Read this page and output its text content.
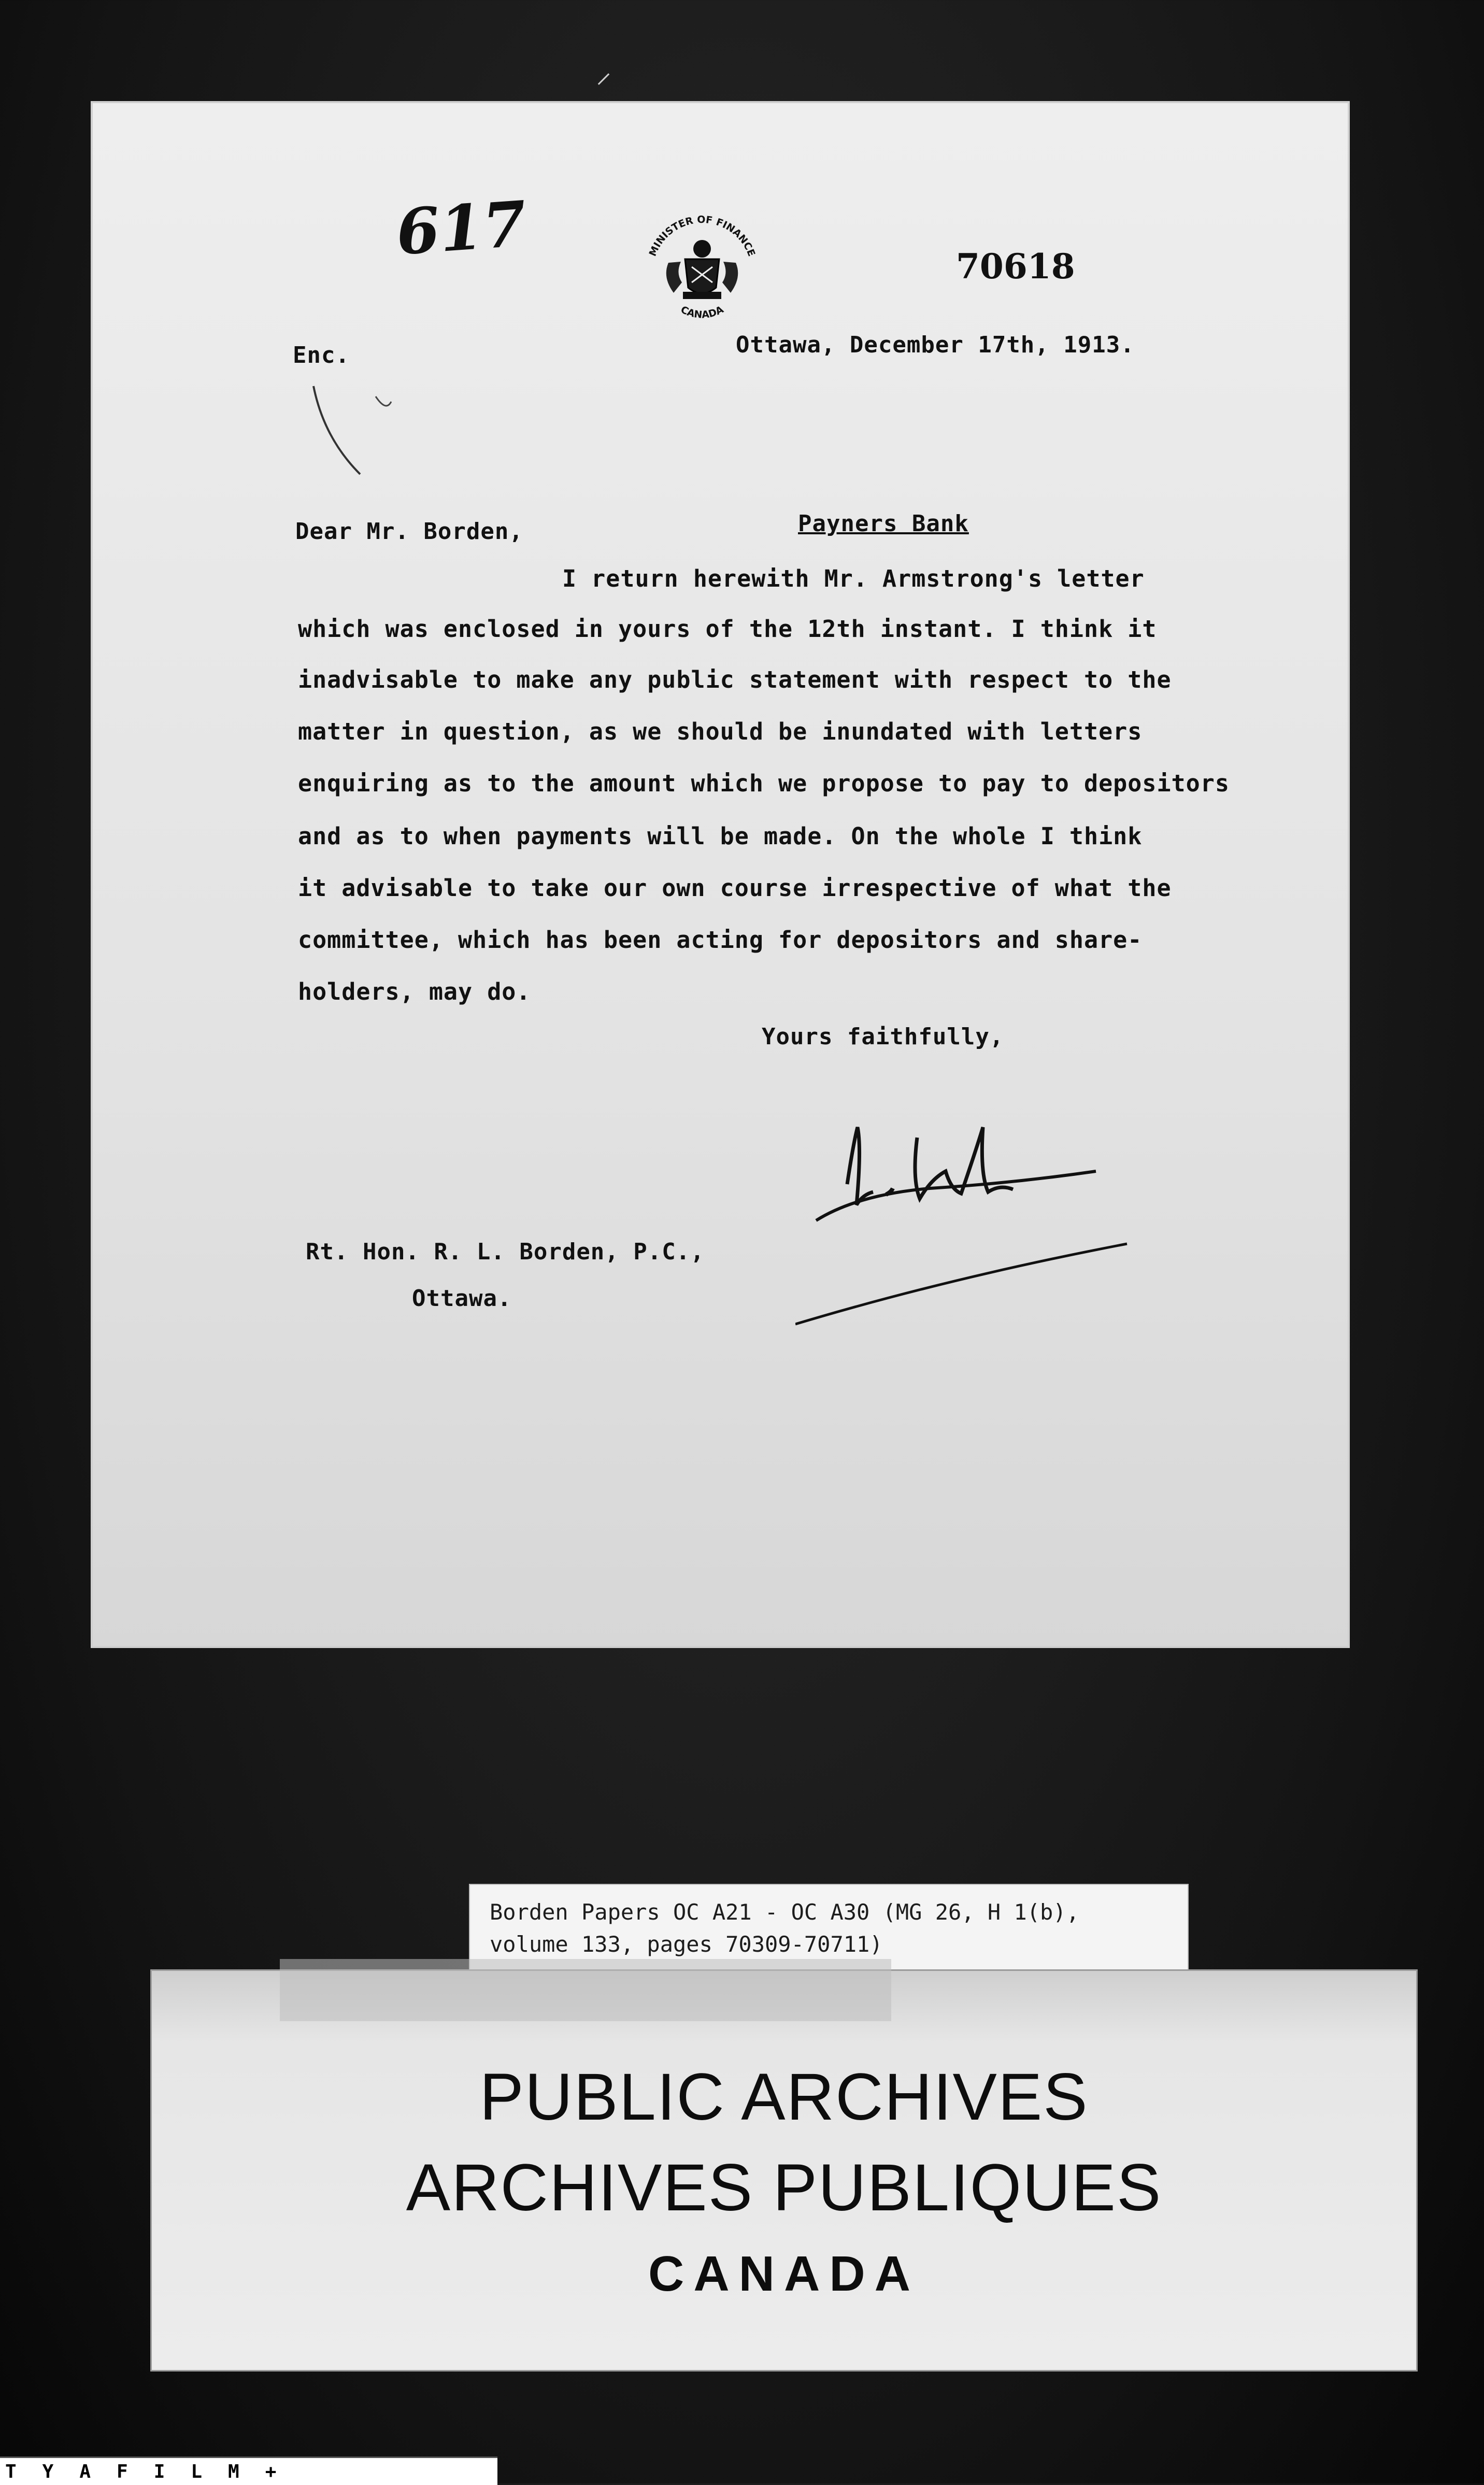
⸝
617	MINISTER OF FINANCE
CANADA
70618
Enc.	Ottawa, December 17th, 1913.
Dear Mr. Borden,	Payners Bank
I return herewith Mr. Armstrong's letter
which was enclosed in yours of the 12th instant. I think it
inadvisable to make any public statement with respect to the
matter in question, as we should be inundated with letters
enquiring as to the amount which we propose to pay to depositors
and as to when payments will be made. On the whole I think
it advisable to take our own course irrespective of what the
committee, which has been acting for depositors and share-
holders, may do.
Yours faithfully,
Rt. Hon. R. L. Borden, P.C.,
Ottawa.
Borden Papers OC A21 - OC A30 (MG 26, H 1(b),
volume 133, pages 70309-70711)
PUBLIC ARCHIVES
ARCHIVES PUBLIQUES
CANADA
TYAFILM+
